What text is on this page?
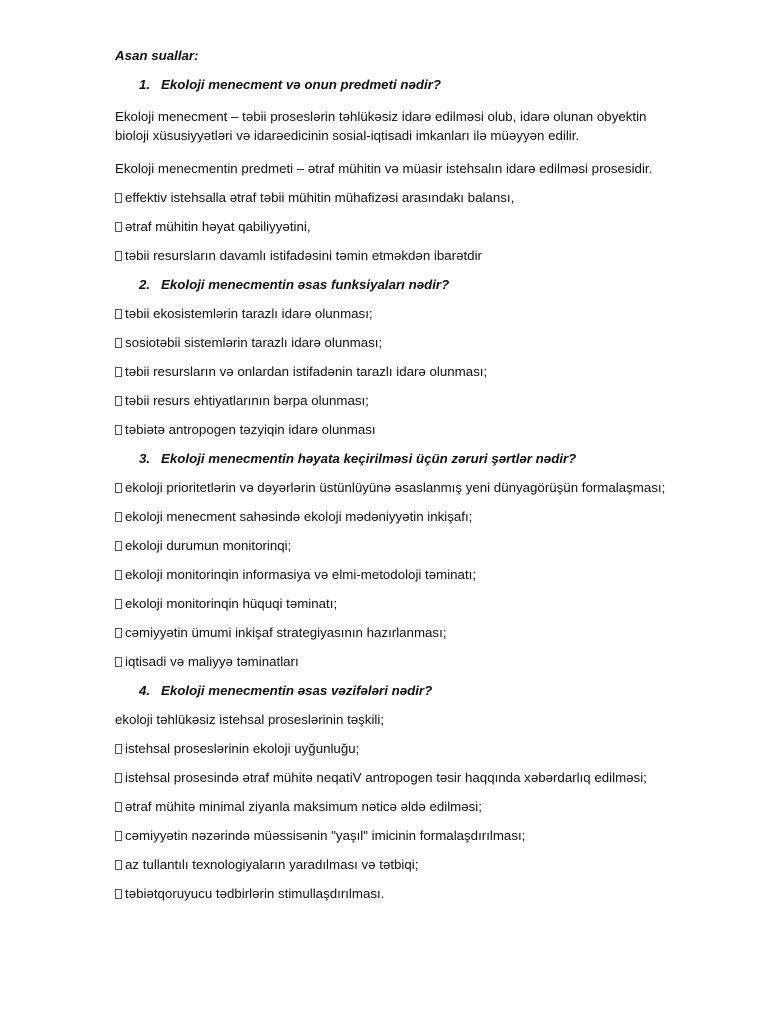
Asan suallar:

1. Ekoloji menecment və onun predmeti nədir?

Ekoloji menecment – təbii proseslərin təhlükəsiz idarə edilməsi olub, idarə olunan obyektin bioloji xüsusiyyətləri və idarəedicinin sosial-iqtisadi imkanları ilə müəyyən edilir.

Ekoloji menecmentin predmeti – ətraf mühitin və müasir istehsalın idarə edilməsi prosesidir.

effektiv istehsalla ətraf təbii mühitin mühafizəsi arasındakı balansı,

ətraf mühitin həyat qabiliyyətini,

təbii resursların davamlı istifadəsini təmin etməkdən ibarətdir

2. Ekoloji menecmentin əsas funksiyaları nədir?

təbii ekosistemlərin tarazlı idarə olunması;

sosiotəbii sistemlərin tarazlı idarə olunması;

təbii resursların və onlardan istifadənin tarazlı idarə olunması;

təbii resurs ehtiyatlarının bərpa olunması;

təbiətə antropogen təzyiqin idarə olunması

3. Ekoloji menecmentin həyata keçirilməsi üçün zəruri şərtlər nədir?

ekoloji prioritetlərin və dəyərlərin üstünlüyünə əsaslanmış yeni dünyagörüşün formalaşması;

ekoloji menecment sahəsində ekoloji mədəniyyətin inkişafı;

ekoloji durumun monitorinqi;

ekoloji monitorinqin informasiya və elmi-metodoloji təminatı;

ekoloji monitorinqin hüquqi təminatı;

cəmiyyətin ümumi inkişaf strategiyasının hazırlanması;

iqtisadi və maliyyə təminatları

4. Ekoloji menecmentin əsas vəzifələri nədir?

ekoloji təhlükəsiz istehsal proseslərinin təşkili;

istehsal proseslərinin ekoloji uyğunluğu;

istehsal prosesində ətraf mühitə neqatiV antropogen təsir haqqında xəbərdarlıq edilməsi;

ətraf mühitə minimal ziyanla maksimum nəticə əldə edilməsi;

cəmiyyətin nəzərində müəssisənin "yaşıl" imicinin formalaşdırılması;

az tullantılı texnologiyaların yaradılması və tətbiqi;

təbiətqoruyucu tədbirlərin stimullaşdırılması.
